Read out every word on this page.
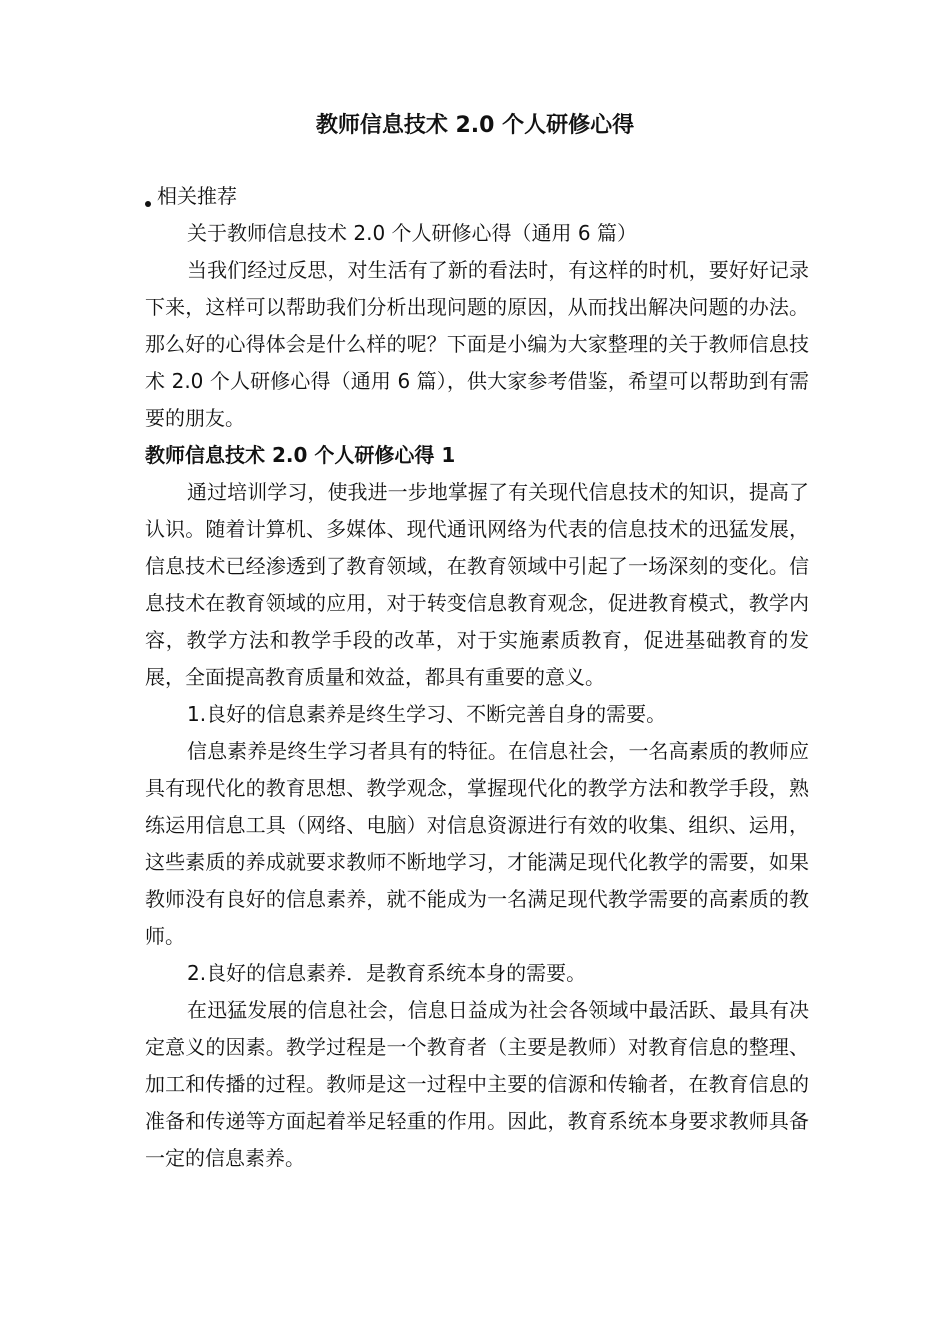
教师信息技术 2.0 个人研修心得

相关推荐

关于教师信息技术 2.0 个人研修心得（通用 6 篇）

当我们经过反思，对生活有了新的看法时，有这样的时机，要好好记录下来，这样可以帮助我们分析出现问题的原因，从而找出解决问题的办法。那么好的心得体会是什么样的呢？下面是小编为大家整理的关于教师信息技术 2.0 个人研修心得（通用 6 篇），供大家参考借鉴，希望可以帮助到有需要的朋友。

教师信息技术 2.0 个人研修心得 1

通过培训学习，使我进一步地掌握了有关现代信息技术的知识，提高了认识。随着计算机、多媒体、现代通讯网络为代表的信息技术的迅猛发展，信息技术已经渗透到了教育领域，在教育领域中引起了一场深刻的变化。信息技术在教育领域的应用，对于转变信息教育观念，促进教育模式，教学内容，教学方法和教学手段的改革，对于实施素质教育，促进基础教育的发展，全面提高教育质量和效益，都具有重要的意义。

1.良好的信息素养是终生学习、不断完善自身的需要。

信息素养是终生学习者具有的特征。在信息社会，一名高素质的教师应具有现代化的教育思想、教学观念，掌握现代化的教学方法和教学手段，熟练运用信息工具（网络、电脑）对信息资源进行有效的收集、组织、运用，这些素质的养成就要求教师不断地学习，才能满足现代化教学的需要，如果教师没有良好的信息素养，就不能成为一名满足现代教学需要的高素质的教师。

2.良好的信息素养．是教育系统本身的需要。

在迅猛发展的信息社会，信息日益成为社会各领域中最活跃、最具有决定意义的因素。教学过程是一个教育者（主要是教师）对教育信息的整理、加工和传播的过程。教师是这一过程中主要的信源和传输者，在教育信息的准备和传递等方面起着举足轻重的作用。因此，教育系统本身要求教师具备一定的信息素养。
